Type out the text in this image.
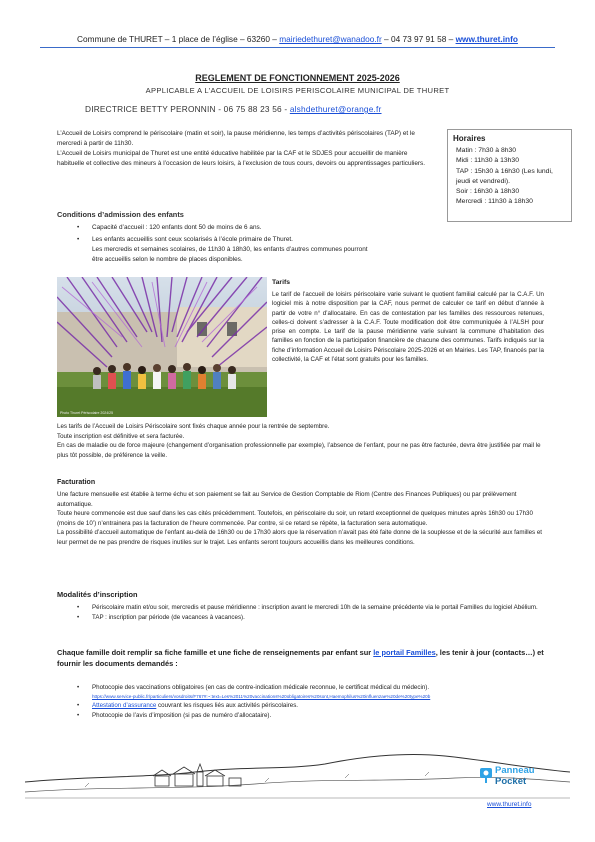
Commune de THURET – 1 place de l’église – 63260 – mairiedethuret@wanadoo.fr – 04 73 97 91 58 – www.thuret.info
REGLEMENT DE FONCTIONNEMENT 2025-2026
APPLICABLE A L’ACCUEIL DE LOISIRS PERISCOLAIRE MUNICIPAL DE THURET
DIRECTRICE BETTY PERONNIN - 06 75 88 23 56 - alshdethuret@orange.fr

L’Accueil de Loisirs comprend le périscolaire (matin et soir), la pause méridienne, les temps d’activités périscolaires (TAP) et le mercredi à partir de 11h30.

L’Accueil de Loisirs municipal de Thuret est une entité éducative habilitée par la CAF et le SDJES pour accueillir de manière habituelle et collective des mineurs à l’occasion de leurs loisirs, à l’exclusion de tous cours, devoirs ou apprentissages particuliers.

Horaires
Matin : 7h30 à 8h30
Midi : 11h30 à 13h30
TAP : 15h30 à 16h30 (Les lundi, jeudi et vendredi).
Soir : 16h30 à 18h30
Mercredi : 11h30 à 18h30
Conditions d’admission des enfants
• Capacité d’accueil : 120 enfants dont 50 de moins de 6 ans.
• Les enfants accueillis sont ceux scolarisés à l’école primaire de Thuret.
Les mercredis et semaines scolaires, de 11h30 à 18h30, les enfants d’autres communes pourront
être accueillis selon le nombre de places disponibles.
Photo Thuret Périscolaire 2024/25
Tarifs
Le tarif de l’accueil de loisirs périscolaire varie suivant le quotient familial calculé par la C.A.F. Un logiciel mis à notre disposition par la CAF, nous permet de calculer ce tarif en début d’année à partir de votre n° d’allocataire. En cas de contestation par les familles des ressources retenues, celles-ci doivent s’adresser à la C.A.F. Toute modification doit être communiquée à l’ALSH pour prise en compte. Le tarif de la pause méridienne varie suivant la commune d’habitation des familles en fonction de la participation financière de chacune des communes. Tarifs indiqués sur la fiche d’information Accueil de Loisirs Périscolaire 2025-2026 et en Mairies. Les TAP, financés par la collectivité, la CAF et l’état sont gratuits pour les familles.

Les tarifs de l’Accueil de Loisirs Périscolaire sont fixés chaque année pour la rentrée de septembre.

Toute inscription est définitive et sera facturée.

En cas de maladie ou de force majeure (changement d’organisation professionnelle par exemple), l’absence de l’enfant, pour ne pas être facturée, devra être justifiée par mail le plus tôt possible, de préférence la veille.

Facturation

Une facture mensuelle est établie à terme échu et son paiement se fait au Service de Gestion Comptable de Riom (Centre des Finances Publiques) ou par prélèvement automatique.

Toute heure commencée est due sauf dans les cas cités précédemment. Toutefois, en périscolaire du soir, un retard exceptionnel de quelques minutes après 16h30 ou 17h30 (moins de 10’) n’entrainera pas la facturation de l’heure commencée. Par contre, si ce retard se répète, la facturation sera automatique.

La possibilité d’accueil automatique de l’enfant au-delà de 16h30 ou de 17h30 alors que la réservation n’avait pas été faite donne de la souplesse et de la sécurité aux familles et leur permet de ne pas prendre de risques inutiles sur le trajet. Les enfants seront toujours accueillis dans les meilleures conditions.

Modalités d’inscription
• Périscolaire matin et/ou soir, mercredis et pause méridienne : inscription avant le mercredi 10h de la semaine précédente via le portail Familles du logiciel Abélium.
• TAP : inscription par période (de vacances à vacances).
Chaque famille doit remplir sa fiche famille et une fiche de renseignements par enfant sur le portail Familles, les tenir à jour (contacts…) et fournir les documents demandés :
• Photocopie des vaccinations obligatoires (en cas de contre-indication médicale reconnue, le certificat médical du médecin).
https://www.service-public.fr/particuliers/vosdroits/F767#:~:text=Les%2011%20vaccinations%20obligatoires%20sont,Haemophilus%20influenzae%20de%20type%20b
• Attestation d’assurance couvrant les risques liés aux activités périscolaires.
• Photocopie de l’avis d’imposition (si pas de numéro d’allocataire).
Panneau
Pocket
www.thuret.info
